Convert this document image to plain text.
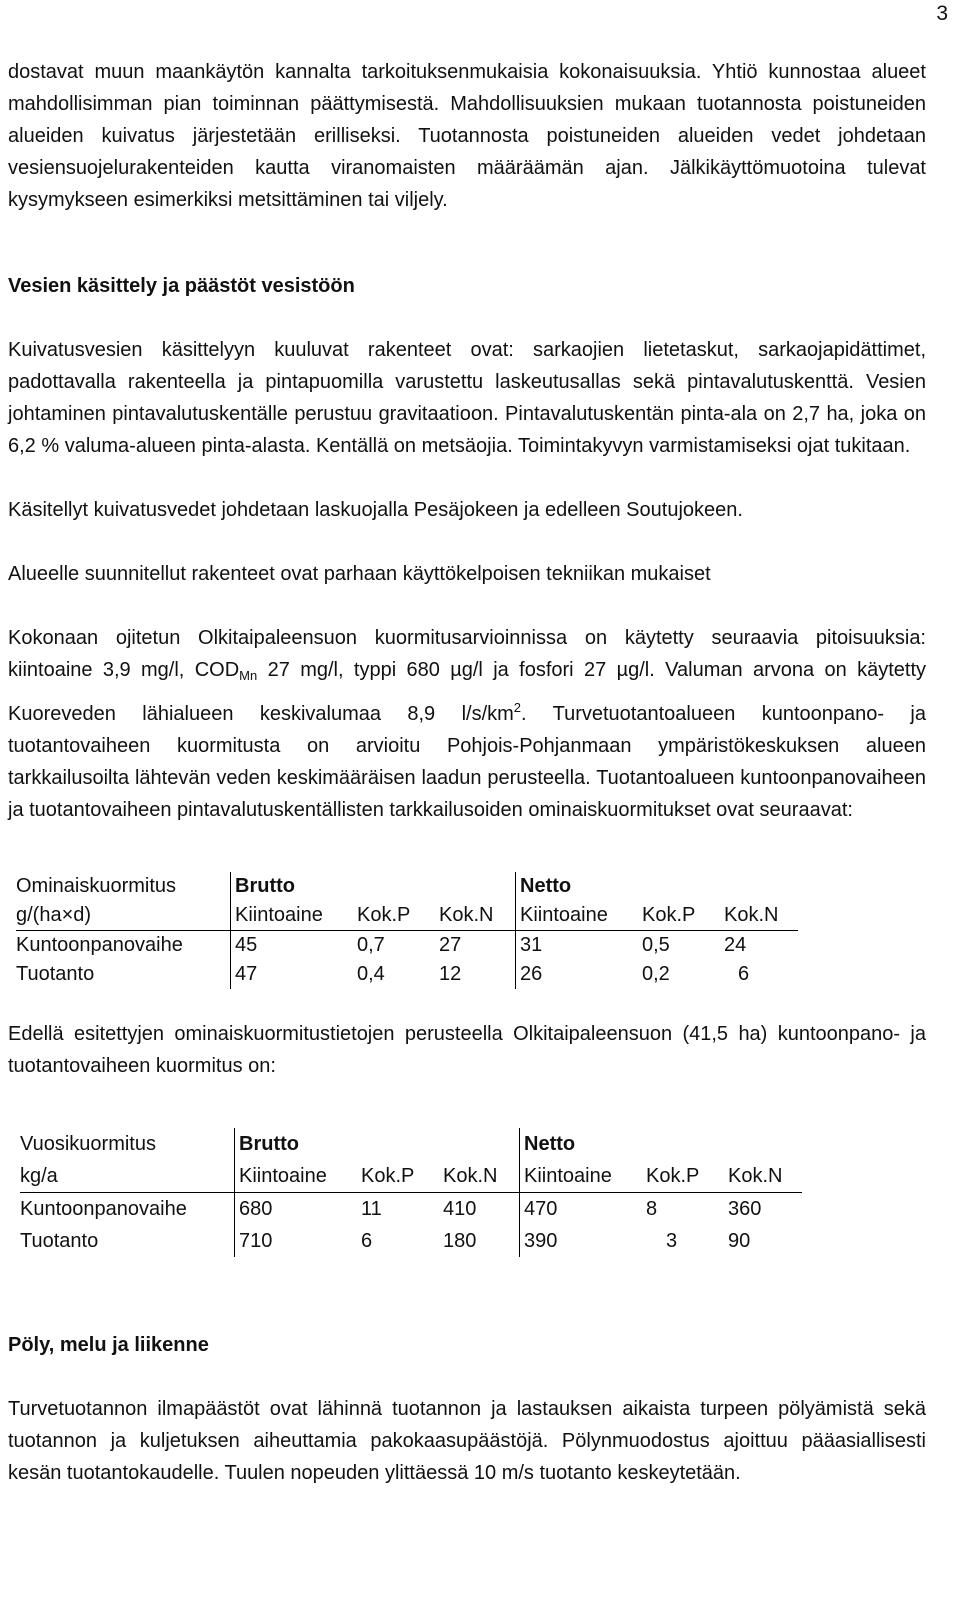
3

dostavat muun maankäytön kannalta tarkoituksenmukaisia kokonaisuuksia. Yhtiö kunnostaa alueet mahdollisimman pian toiminnan päättymisestä. Mahdollisuuksien mukaan tuotannosta poistuneiden alueiden kuivatus järjestetään erilliseksi. Tuotannosta poistuneiden alueiden vedet johdetaan vesiensuojelurakenteiden kautta viranomaisten määräämän ajan. Jälkikäyttömuotoina tulevat kysymykseen esimerkiksi metsittäminen tai viljely.

Vesien käsittely ja päästöt vesistöön

Kuivatusvesien käsittelyyn kuuluvat rakenteet ovat: sarkaojien lietetaskut, sarkaojapidättimet, padottavalla rakenteella ja pintapuomilla varustettu laskeutusallas sekä pintavalutuskenttä. Vesien johtaminen pintavalutuskentälle perustuu gravitaatioon. Pintavalutuskentän pinta-ala on 2,7 ha, joka on 6,2 % valuma-alueen pinta-alasta. Kentällä on metsäojia. Toimintakyvyn varmistamiseksi ojat tukitaan.

Käsitellyt kuivatusvedet johdetaan laskuojalla Pesäjokeen ja edelleen Soutujokeen.

Alueelle suunnitellut rakenteet ovat parhaan käyttökelpoisen tekniikan mukaiset

Kokonaan ojitetun Olkitaipaleensuon kuormitusarvioinnissa on käytetty seuraavia pitoisuuksia: kiintoaine 3,9 mg/l, $COD_{Mn}$ 27 mg/l, typpi 680 µg/l ja fosfori 27 µg/l. Valuman arvona on käytetty Kuoreveden lähialueen keskivalumaa 8,9 $l/s/km^2$. Turvetuotantoalueen kuntoonpano- ja tuotantovaiheen kuormitusta on arvioitu Pohjois-Pohjanmaan ympäristökeskuksen alueen tarkkailusoilta lähtevän veden keskimääräisen laadun perusteella. Tuotantoalueen kuntoonpanovaiheen ja tuotantovaiheen pintavalutuskentällisten tarkkailusoiden ominaiskuormitukset ovat seuraavat:

Ominaiskuormitus	Brutto			Netto		
g/(ha×d)	Kiintoaine	Kok.P	Kok.N	Kiintoaine	Kok.P	Kok.N
Kuntoonpanovaihe	45	0,7	27	31	0,5	24
Tuotanto	47	0,4	12	26	0,2	6

Edellä esitettyjen ominaiskuormitustietojen perusteella Olkitaipaleensuon (41,5 ha) kuntoonpano- ja tuotantovaiheen kuormitus on:

Vuosikuormitus	Brutto			Netto		
kg/a	Kiintoaine	Kok.P	Kok.N	Kiintoaine	Kok.P	Kok.N
Kuntoonpanovaihe	680	11	410	470	8	360
Tuotanto	710	6	180	390	3	90
Pöly, melu ja liikenne

Turvetuotannon ilmapäästöt ovat lähinnä tuotannon ja lastauksen aikaista turpeen pölyämistä sekä tuotannon ja kuljetuksen aiheuttamia pakokaasupäästöjä. Pölynmuodostus ajoittuu pääasiallisesti kesän tuotantokaudelle. Tuulen nopeuden ylittäessä 10 m/s tuotanto keskeytetään.
